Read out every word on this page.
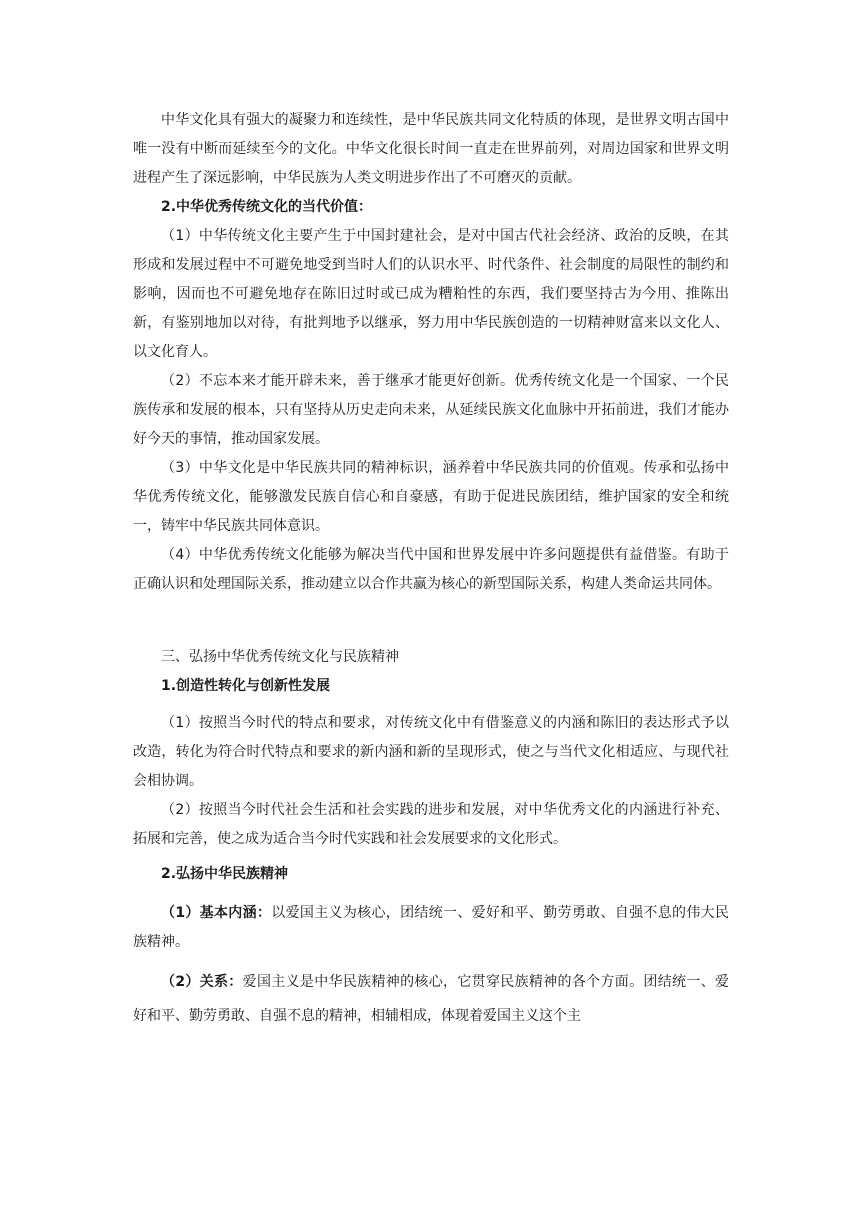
中华文化具有强大的凝聚力和连续性，是中华民族共同文化特质的体现，是世界文明古国中唯一没有中断而延续至今的文化。中华文化很长时间一直走在世界前列，对周边国家和世界文明进程产生了深远影响，中华民族为人类文明进步作出了不可磨灭的贡献。

2.中华优秀传统文化的当代价值：

（1）中华传统文化主要产生于中国封建社会，是对中国古代社会经济、政治的反映，在其形成和发展过程中不可避免地受到当时人们的认识水平、时代条件、社会制度的局限性的制约和影响，因而也不可避免地存在陈旧过时或已成为糟粕性的东西，我们要坚持古为今用、推陈出新，有鉴别地加以对待，有批判地予以继承，努力用中华民族创造的一切精神财富来以文化人、以文化育人。

（2）不忘本来才能开辟未来，善于继承才能更好创新。优秀传统文化是一个国家、一个民族传承和发展的根本，只有坚持从历史走向未来，从延续民族文化血脉中开拓前进，我们才能办好今天的事情，推动国家发展。

（3）中华文化是中华民族共同的精神标识，涵养着中华民族共同的价值观。传承和弘扬中华优秀传统文化，能够激发民族自信心和自豪感，有助于促进民族团结，维护国家的安全和统一，铸牢中华民族共同体意识。

（4）中华优秀传统文化能够为解决当代中国和世界发展中许多问题提供有益借鉴。有助于正确认识和处理国际关系，推动建立以合作共赢为核心的新型国际关系，构建人类命运共同体。

三、弘扬中华优秀传统文化与民族精神

1.创造性转化与创新性发展

（1）按照当今时代的特点和要求，对传统文化中有借鉴意义的内涵和陈旧的表达形式予以改造，转化为符合时代特点和要求的新内涵和新的呈现形式，使之与当代文化相适应、与现代社会相协调。

（2）按照当今时代社会生活和社会实践的进步和发展，对中华优秀文化的内涵进行补充、拓展和完善，使之成为适合当今时代实践和社会发展要求的文化形式。

2.弘扬中华民族精神

（1）基本内涵：以爱国主义为核心，团结统一、爱好和平、勤劳勇敢、自强不息的伟大民族精神。

（2）关系：爱国主义是中华民族精神的核心，它贯穿民族精神的各个方面。团结统一、爱好和平、勤劳勇敢、自强不息的精神，相辅相成，体现着爱国主义这个主
